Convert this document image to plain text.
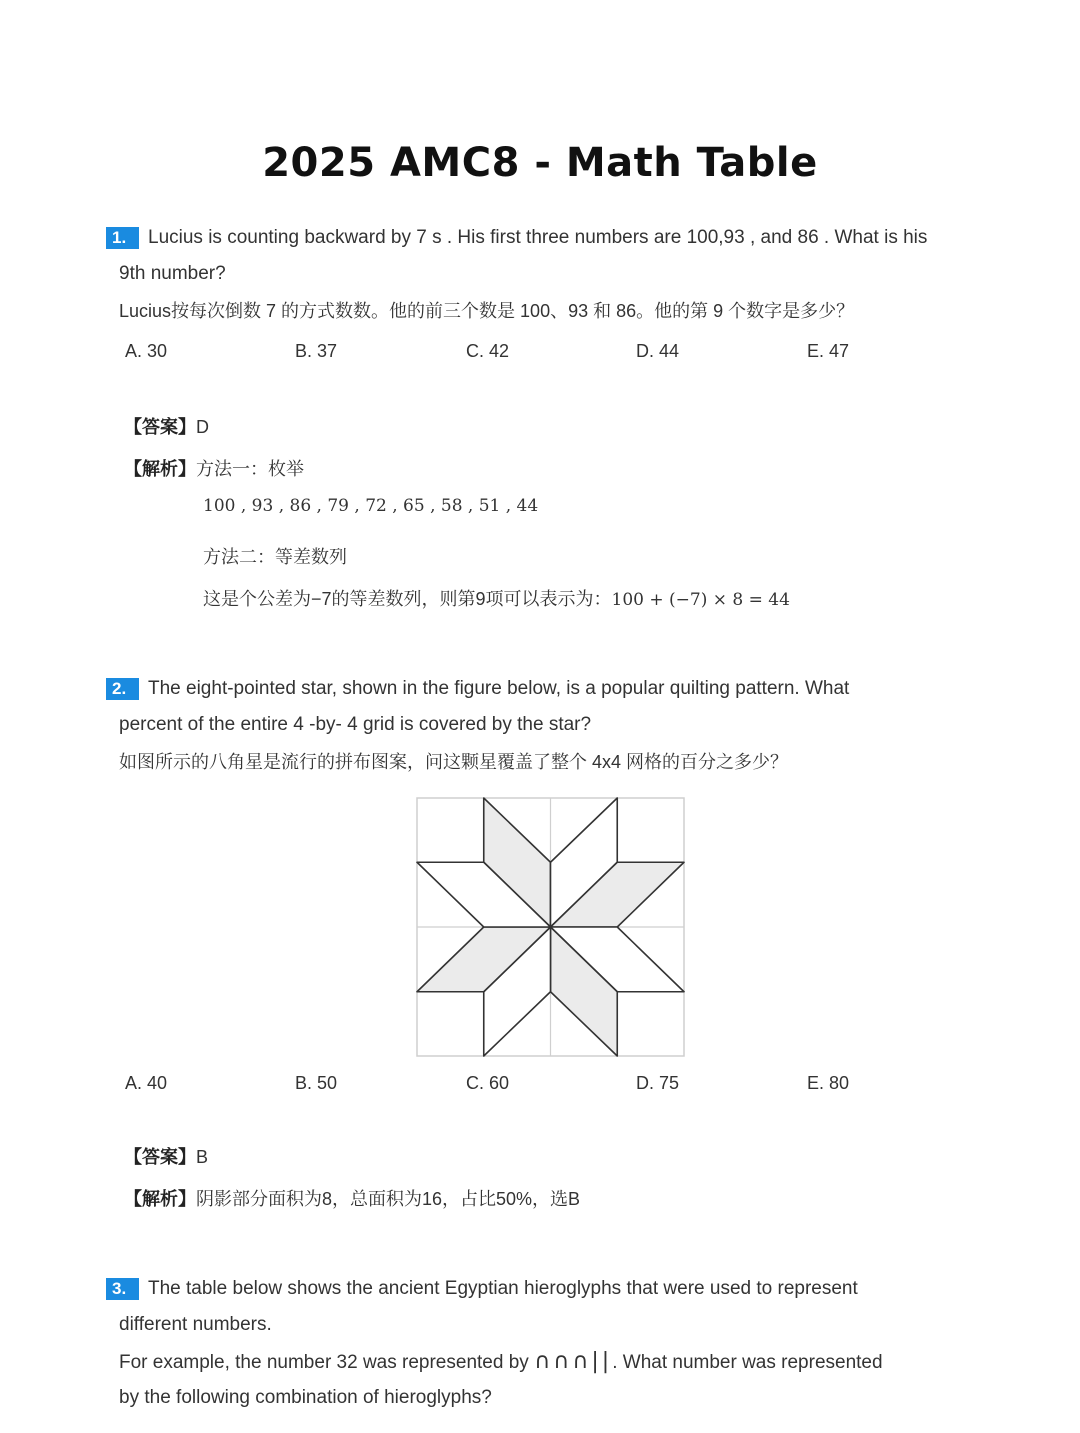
2025 AMC8 - Math Table
1.	Lucius is counting backward by 7 s . His first three numbers are 100,93 , and 86 . What is his
9th number?
Lucius按每次倒数 7 的方式数数。他的前三个数是 100、93 和 86。他的第 9 个数字是多少？
A. 30	B. 37	C. 42	D. 44	E. 47
【答案】D
【解析】方法一：枚举
100 , 93 , 86 , 79 , 72 , 65 , 58 , 51 , 44
方法二：等差数列
这是个公差为−7的等差数列，则第9项可以表示为：100 + (−7) × 8 = 44
2.	The eight-pointed star, shown in the figure below, is a popular quilting pattern. What
percent of the entire 4 -by- 4 grid is covered by the star?
如图所示的八角星是流行的拼布图案，问这颗星覆盖了整个 4x4 网格的百分之多少？
A. 40	B. 50	C. 60	D. 75	E. 80
【答案】B
【解析】阴影部分面积为8，总面积为16，占比50%，选B
3.	The table below shows the ancient Egyptian hieroglyphs that were used to represent
different numbers.
For example, the number 32 was represented by ∩∩∩||. What number was represented
by the following combination of hieroglyphs?
